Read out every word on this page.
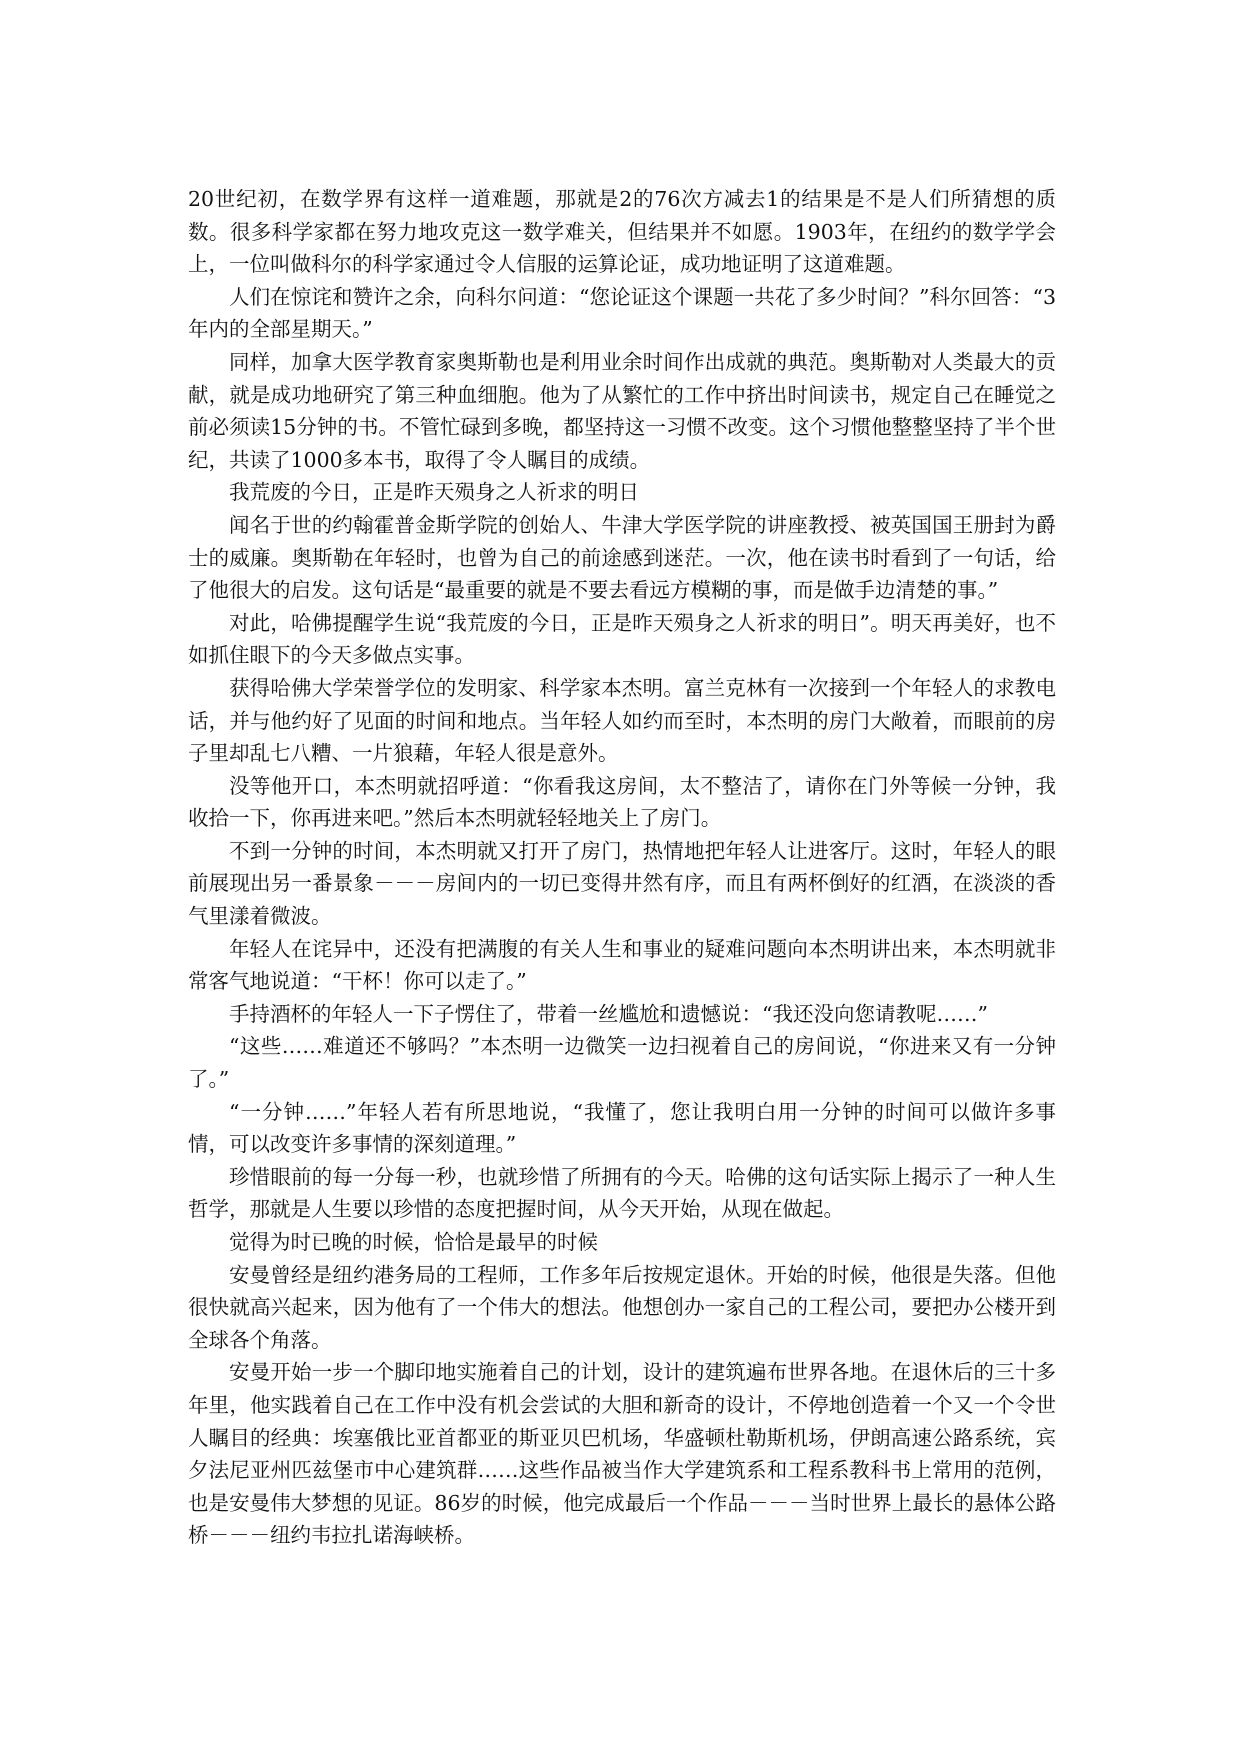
20世纪初，在数学界有这样一道难题，那就是2的76次方减去1的结果是不是人们所猜想的质数。很多科学家都在努力地攻克这一数学难关，但结果并不如愿。1903年，在纽约的数学学会上，一位叫做科尔的科学家通过令人信服的运算论证，成功地证明了这道难题。

人们在惊诧和赞许之余，向科尔问道：“您论证这个课题一共花了多少时间？”科尔回答：“3年内的全部星期天。”

同样，加拿大医学教育家奥斯勒也是利用业余时间作出成就的典范。奥斯勒对人类最大的贡献，就是成功地研究了第三种血细胞。他为了从繁忙的工作中挤出时间读书，规定自己在睡觉之前必须读15分钟的书。不管忙碌到多晚，都坚持这一习惯不改变。这个习惯他整整坚持了半个世纪，共读了1000多本书，取得了令人瞩目的成绩。

我荒废的今日，正是昨天殒身之人祈求的明日

闻名于世的约翰霍普金斯学院的创始人、牛津大学医学院的讲座教授、被英国国王册封为爵士的威廉。奥斯勒在年轻时，也曾为自己的前途感到迷茫。一次，他在读书时看到了一句话，给了他很大的启发。这句话是“最重要的就是不要去看远方模糊的事，而是做手边清楚的事。”

对此，哈佛提醒学生说“我荒废的今日，正是昨天殒身之人祈求的明日”。明天再美好，也不如抓住眼下的今天多做点实事。

获得哈佛大学荣誉学位的发明家、科学家本杰明。富兰克林有一次接到一个年轻人的求教电话，并与他约好了见面的时间和地点。当年轻人如约而至时，本杰明的房门大敞着，而眼前的房子里却乱七八糟、一片狼藉，年轻人很是意外。

没等他开口，本杰明就招呼道：“你看我这房间，太不整洁了，请你在门外等候一分钟，我收拾一下，你再进来吧。”然后本杰明就轻轻地关上了房门。

不到一分钟的时间，本杰明就又打开了房门，热情地把年轻人让进客厅。这时，年轻人的眼前展现出另一番景象－－－房间内的一切已变得井然有序，而且有两杯倒好的红酒，在淡淡的香气里漾着微波。

年轻人在诧异中，还没有把满腹的有关人生和事业的疑难问题向本杰明讲出来，本杰明就非常客气地说道：“干杯！你可以走了。”

手持酒杯的年轻人一下子愣住了，带着一丝尴尬和遗憾说：“我还没向您请教呢……”

“这些……难道还不够吗？”本杰明一边微笑一边扫视着自己的房间说，“你进来又有一分钟了。”

“一分钟……”年轻人若有所思地说，“我懂了，您让我明白用一分钟的时间可以做许多事情，可以改变许多事情的深刻道理。”

珍惜眼前的每一分每一秒，也就珍惜了所拥有的今天。哈佛的这句话实际上揭示了一种人生哲学，那就是人生要以珍惜的态度把握时间，从今天开始，从现在做起。

觉得为时已晚的时候，恰恰是最早的时候

安曼曾经是纽约港务局的工程师，工作多年后按规定退休。开始的时候，他很是失落。但他很快就高兴起来，因为他有了一个伟大的想法。他想创办一家自己的工程公司，要把办公楼开到全球各个角落。

安曼开始一步一个脚印地实施着自己的计划，设计的建筑遍布世界各地。在退休后的三十多年里，他实践着自己在工作中没有机会尝试的大胆和新奇的设计，不停地创造着一个又一个令世人瞩目的经典：埃塞俄比亚首都亚的斯亚贝巴机场，华盛顿杜勒斯机场，伊朗高速公路系统，宾夕法尼亚州匹兹堡市中心建筑群……这些作品被当作大学建筑系和工程系教科书上常用的范例，也是安曼伟大梦想的见证。86岁的时候，他完成最后一个作品－－－当时世界上最长的悬体公路桥－－－纽约韦拉扎诺海峡桥。
